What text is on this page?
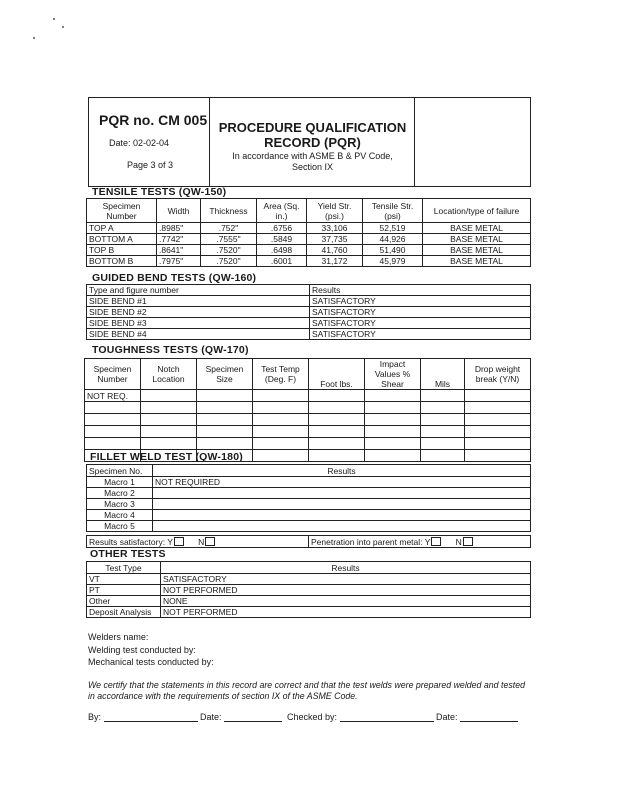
PQR no. CM 005
Date: 02-02-04
Page 3 of 3
PROCEDURE QUALIFICATION
RECORD (PQR)
In accordance with ASME B & PV Code,
Section IX
TENSILE TESTS (QW-150)
Specimen Number	Width	Thickness	Area (Sq. in.)	Yield Str. (psi.)	Tensile Str. (psi)	Location/type of failure
TOP A	.8985"	.752"	.6756	33,106	52,519	BASE METAL
BOTTOM A	.7742"	.7555"	.5849	37,735	44,926	BASE METAL
TOP B	.8641"	.7520"	.6498	41,760	51,490	BASE METAL
BOTTOM B	.7975"	.7520"	.6001	31,172	45,979	BASE METAL
GUIDED BEND TESTS (QW-160)
Type and figure number	Results
SIDE BEND #1	SATISFACTORY
SIDE BEND #2	SATISFACTORY
SIDE BEND #3	SATISFACTORY
SIDE BEND #4	SATISFACTORY
TOUGHNESS TESTS (QW-170)
Specimen Number	Notch Location	Specimen Size	Test Temp (Deg. F)	Foot lbs.	Impact Values % Shear	Mils	Drop weight break (Y/N)
NOT REQ.							

FILLET WELD TEST (QW-180)
Specimen No.	Results
Macro 1	NOT REQUIRED
Macro 2	
Macro 3	
Macro 4	
Macro 5	
Results satisfactory: Y	N	Penetration into parent metal: Y	N
OTHER TESTS
Test Type	Results
VT	SATISFACTORY
PT	NOT PERFORMED
Other	NONE
Deposit Analysis	NOT PERFORMED
Welders name:
Welding test conducted by:
Mechanical tests conducted by:
We certify that the statements in this record are correct and that the test welds were prepared welded and tested in accordance with the requirements of section IX of the ASME Code.
By:	Date:	Checked by:	Date:
